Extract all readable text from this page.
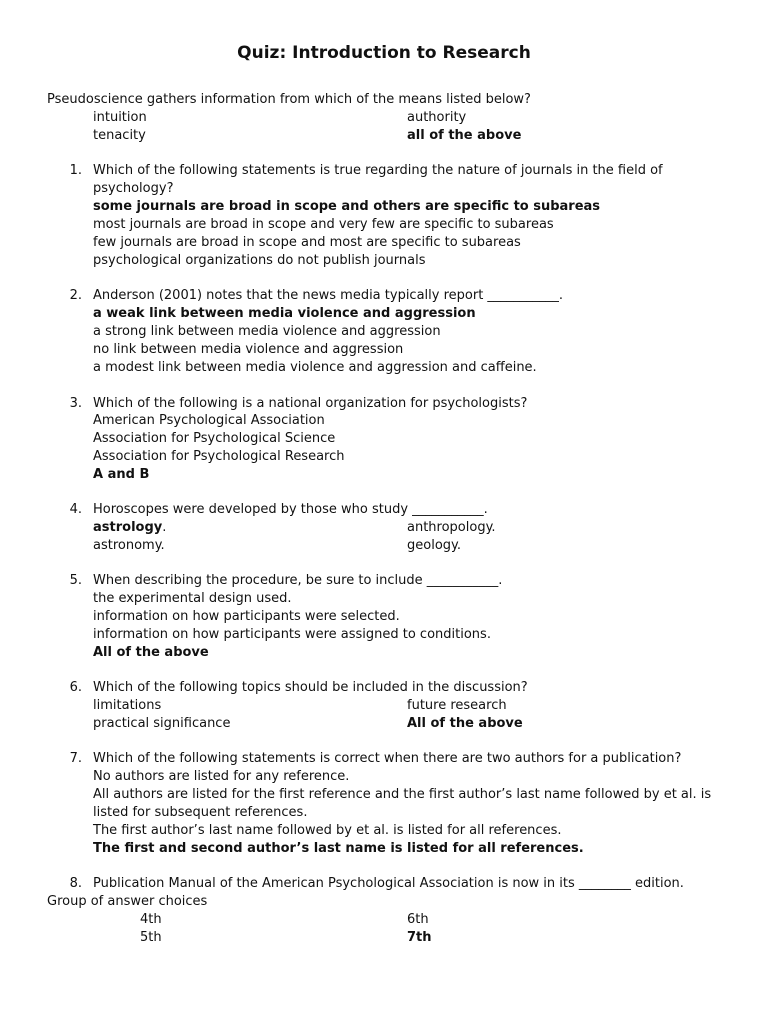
Quiz: Introduction to Research
Pseudoscience gathers information from which of the means listed below?
intuition	authority
tenacity	all of the above
1. Which of the following statements is true regarding the nature of journals in the field of
psychology?
some journals are broad in scope and others are specific to subareas
most journals are broad in scope and very few are specific to subareas
few journals are broad in scope and most are specific to subareas
psychological organizations do not publish journals
2. Anderson (2001) notes that the news media typically report ___________.
a weak link between media violence and aggression
a strong link between media violence and aggression
no link between media violence and aggression
a modest link between media violence and aggression and caffeine.
3. Which of the following is a national organization for psychologists?
American Psychological Association
Association for Psychological Science
Association for Psychological Research
A and B
4. Horoscopes were developed by those who study ___________.
astrology.	anthropology.
astronomy.	geology.
5. When describing the procedure, be sure to include ___________.
the experimental design used.
information on how participants were selected.
information on how participants were assigned to conditions.
All of the above
6. Which of the following topics should be included in the discussion?
limitations	future research
practical significance	All of the above
7. Which of the following statements is correct when there are two authors for a publication?
No authors are listed for any reference.
All authors are listed for the first reference and the first author’s last name followed by et al. is
listed for subsequent references.
The first author’s last name followed by et al. is listed for all references.
The first and second author’s last name is listed for all references.
8. Publication Manual of the American Psychological Association is now in its ________ edition.
Group of answer choices
4th	6th
5th	7th
